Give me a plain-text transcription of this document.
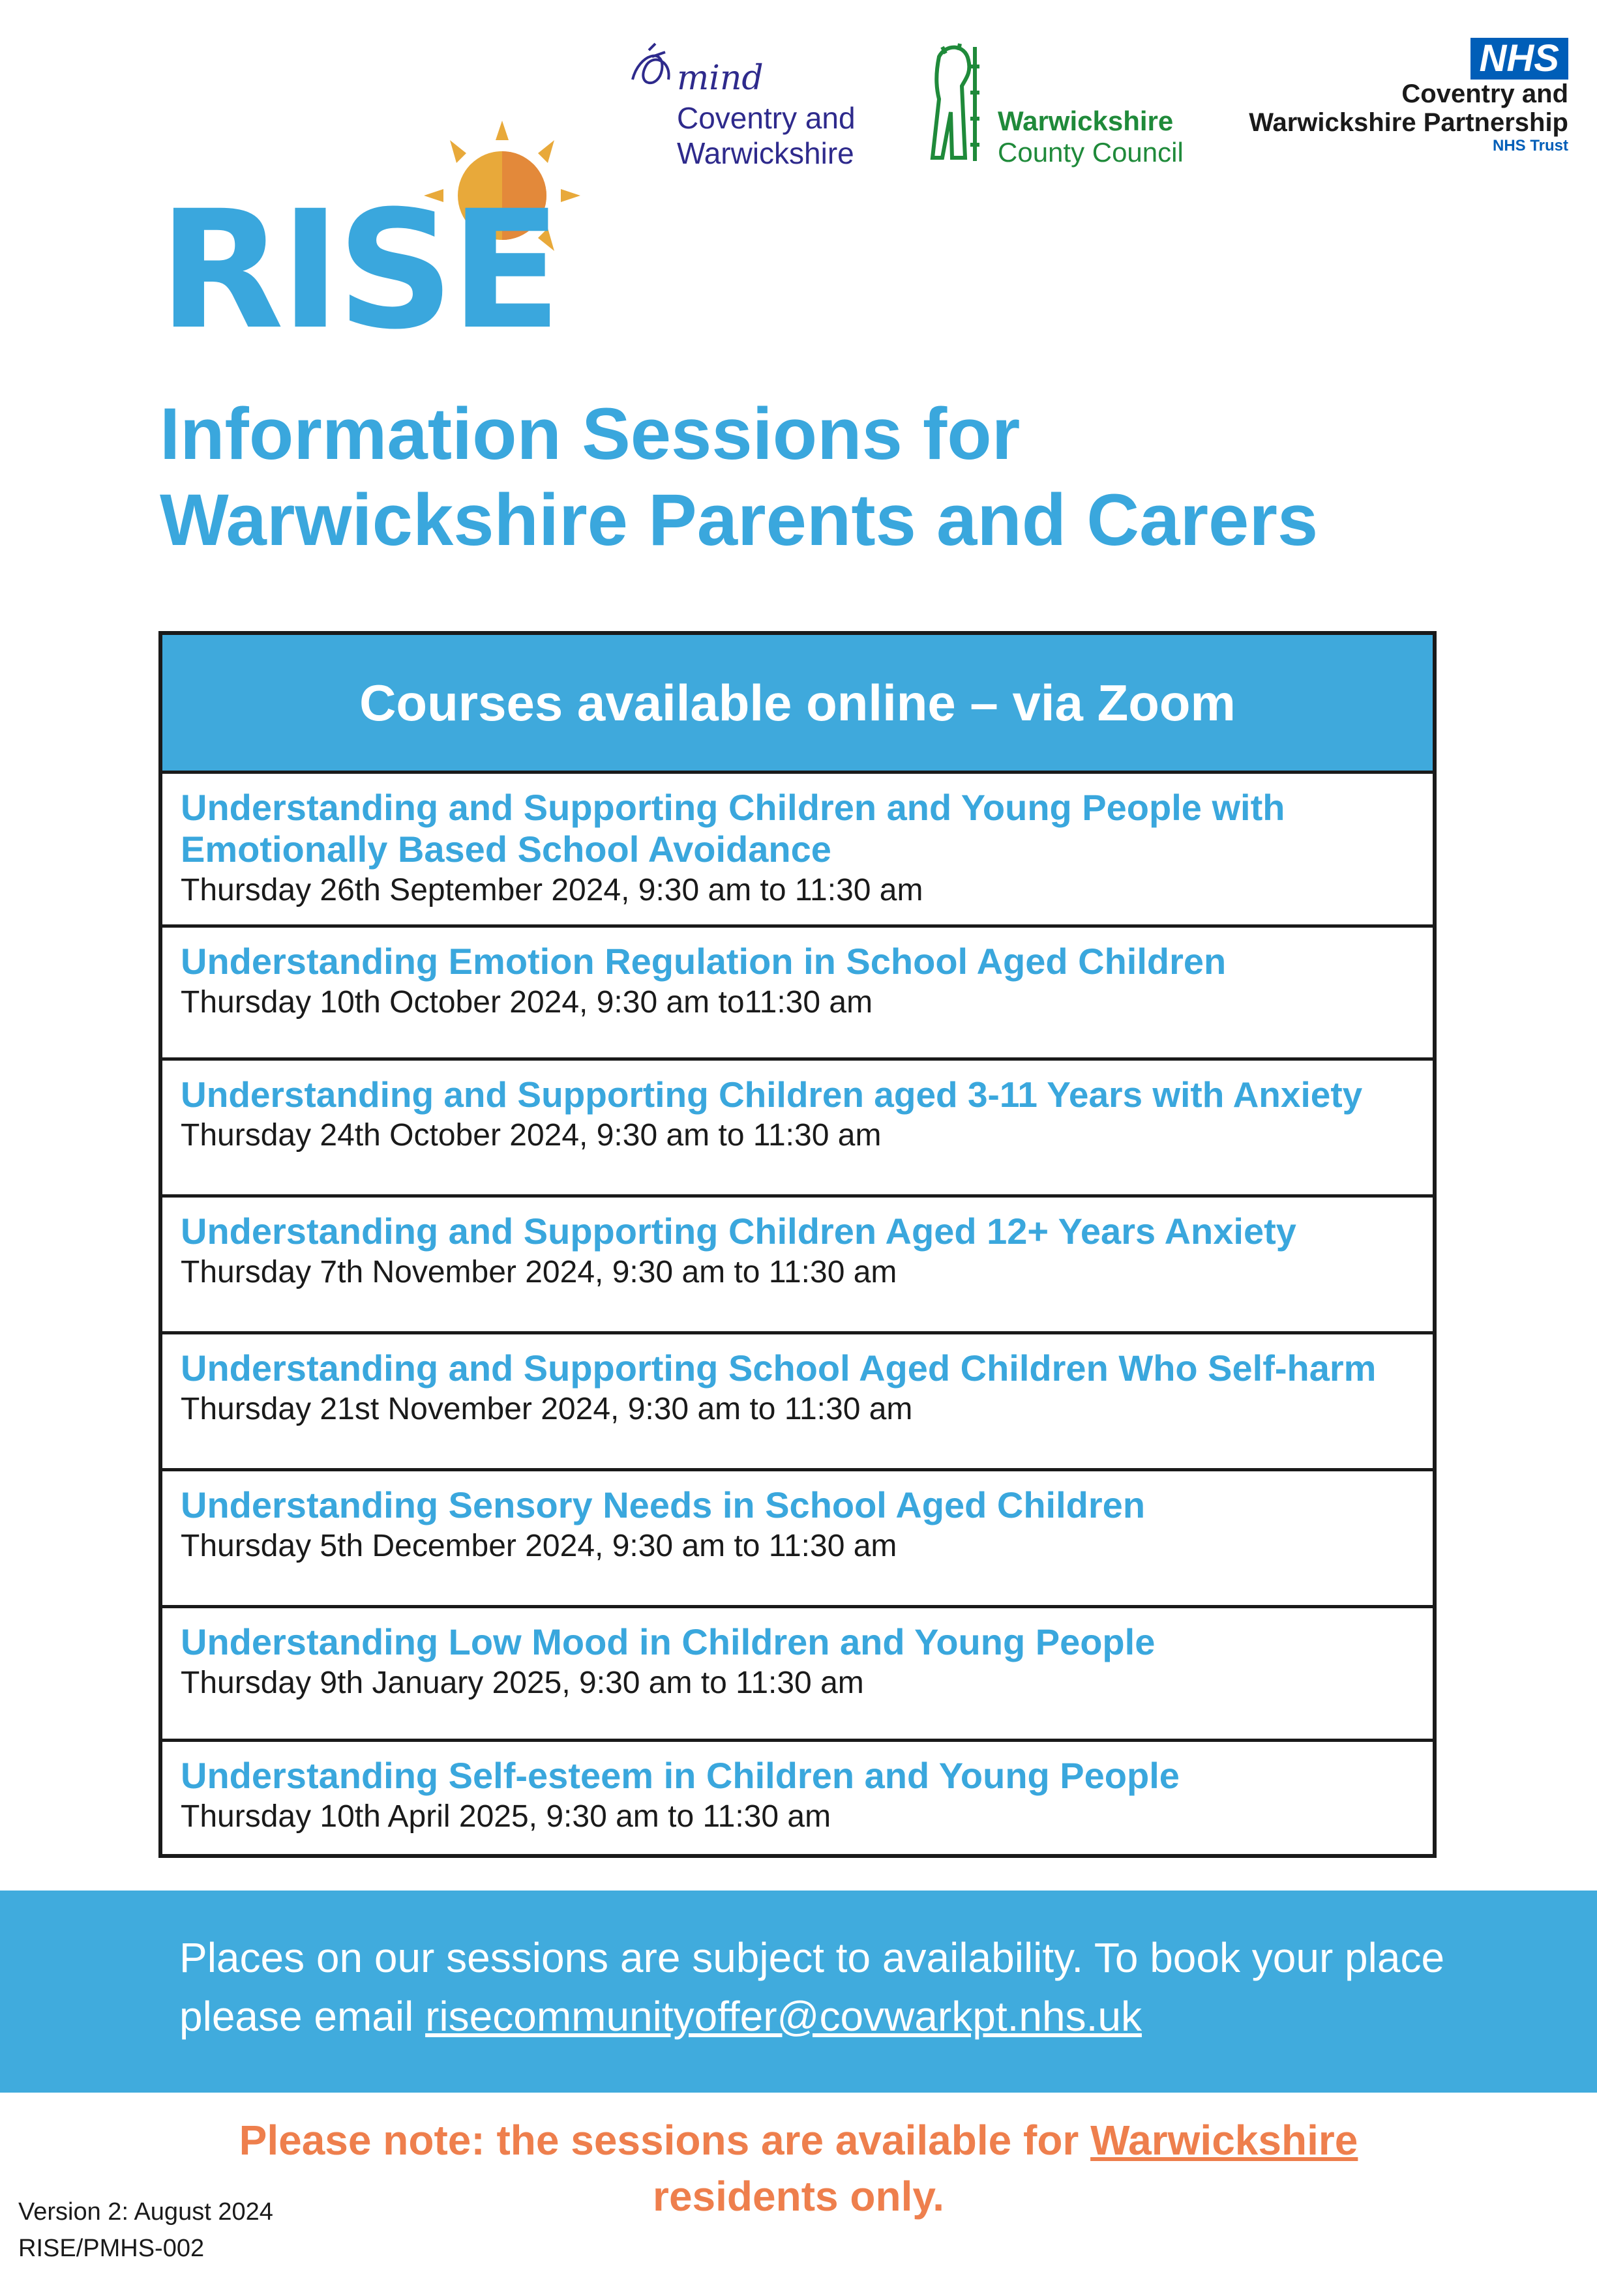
mind
Coventry and
Warwickshire
Warwickshire
County Council
NHS
Coventry and
Warwickshire Partnership
NHS Trust
RISE
Information Sessions for
Warwickshire Parents and Carers
Courses available online – via Zoom
Understanding and Supporting Children and Young People with Emotionally Based School Avoidance
Thursday 26th September 2024, 9:30 am to 11:30 am
Understanding Emotion Regulation in School Aged Children
Thursday 10th October 2024, 9:30 am to11:30 am
Understanding and Supporting Children aged 3-11 Years with Anxiety
Thursday 24th October 2024, 9:30 am to 11:30 am
Understanding and Supporting Children Aged 12+ Years Anxiety
Thursday 7th November 2024, 9:30 am to 11:30 am
Understanding and Supporting School Aged Children Who Self-harm
Thursday 21st November 2024, 9:30 am to 11:30 am
Understanding Sensory Needs in School Aged Children
Thursday 5th December 2024, 9:30 am to 11:30 am
Understanding Low Mood in Children and Young People
Thursday 9th January 2025, 9:30 am to 11:30 am
Understanding Self-esteem in Children and Young People
Thursday 10th April 2025, 9:30 am to 11:30 am
Places on our sessions are subject to availability. To book your place please email risecommunityoffer@covwarkpt.nhs.uk
Please note: the sessions are available for Warwickshire
residents only.
Version 2: August 2024
RISE/PMHS-002
